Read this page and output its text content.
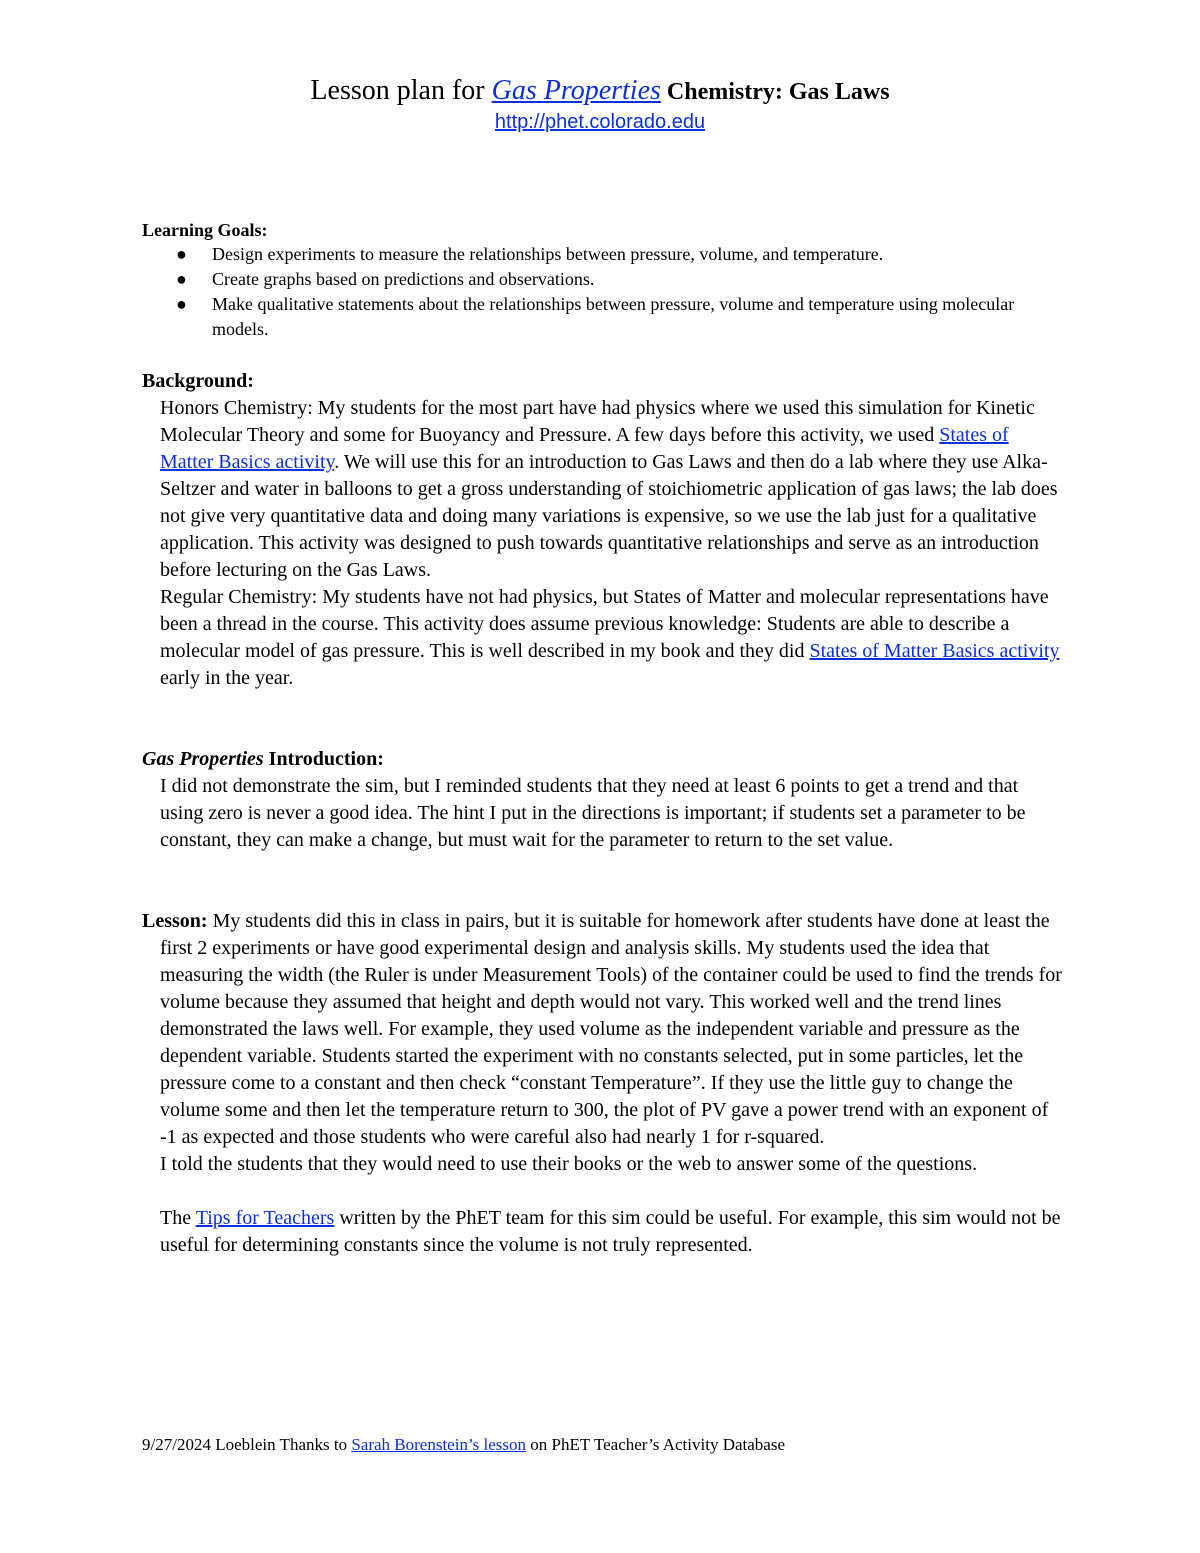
Lesson plan for Gas Properties Chemistry: Gas Laws
http://phet.colorado.edu
Learning Goals:
● Design experiments to measure the relationships between pressure, volume, and temperature.
● Create graphs based on predictions and observations.
● Make qualitative statements about the relationships between pressure, volume and temperature using molecular models.
Background:

Honors Chemistry: My students for the most part have had physics where we used this simulation for Kinetic Molecular Theory and some for Buoyancy and Pressure. A few days before this activity, we used States of Matter Basics activity. We will use this for an introduction to Gas Laws and then do a lab where they use Alka-Seltzer and water in balloons to get a gross understanding of stoichiometric application of gas laws; the lab does not give very quantitative data and doing many variations is expensive, so we use the lab just for a qualitative application. This activity was designed to push towards quantitative relationships and serve as an introduction before lecturing on the Gas Laws.

Regular Chemistry: My students have not had physics, but States of Matter and molecular representations have been a thread in the course. This activity does assume previous knowledge: Students are able to describe a molecular model of gas pressure. This is well described in my book and they did States of Matter Basics activity early in the year.

Gas Properties Introduction:

I did not demonstrate the sim, but I reminded students that they need at least 6 points to get a trend and that using zero is never a good idea. The hint I put in the directions is important; if students set a parameter to be constant, they can make a change, but must wait for the parameter to return to the set value.

Lesson: My students did this in class in pairs, but it is suitable for homework after students have done at least the first 2 experiments or have good experimental design and analysis skills. My students used the idea that measuring the width (the Ruler is under Measurement Tools) of the container could be used to find the trends for volume because they assumed that height and depth would not vary. This worked well and the trend lines demonstrated the laws well. For example, they used volume as the independent variable and pressure as the dependent variable. Students started the experiment with no constants selected, put in some particles, let the pressure come to a constant and then check “constant Temperature”. If they use the little guy to change the volume some and then let the temperature return to 300, the plot of PV gave a power trend with an exponent of -1 as expected and those students who were careful also had nearly 1 for r-squared.

I told the students that they would need to use their books or the web to answer some of the questions.

The Tips for Teachers written by the PhET team for this sim could be useful. For example, this sim would not be useful for determining constants since the volume is not truly represented.

9/27/2024 Loeblein Thanks to Sarah Borenstein’s lesson on PhET Teacher’s Activity Database
